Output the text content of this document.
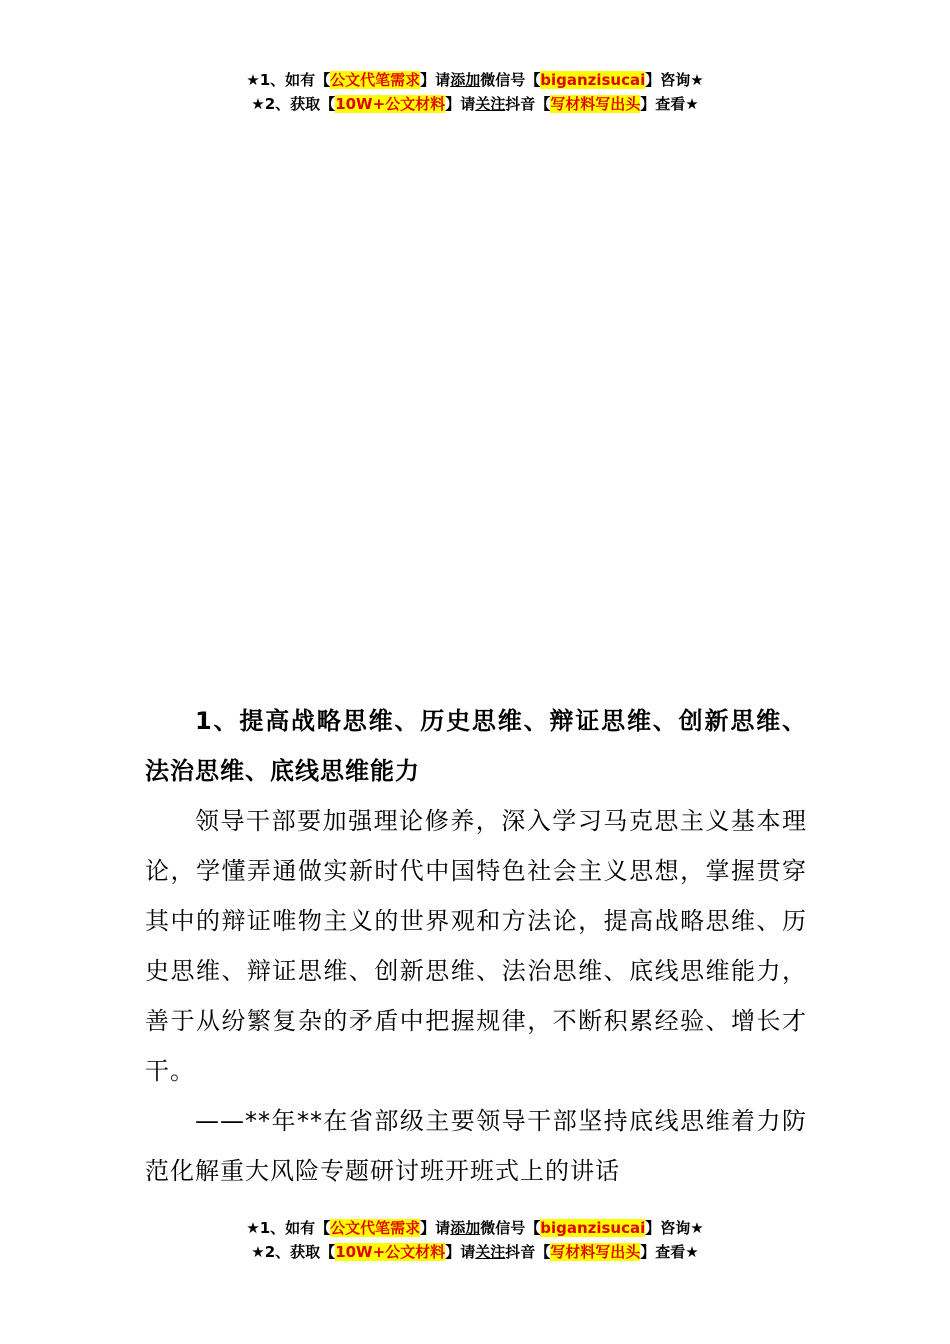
★1、如有【公文代笔需求】请添加微信号【biganzisucai】咨询★
★2、获取【10W+公文材料】请关注抖音【写材料写出头】查看★

1、提高战略思维、历史思维、辩证思维、创新思维、法治思维、底线思维能力

领导干部要加强理论修养，深入学习马克思主义基本理论，学懂弄通做实新时代中国特色社会主义思想，掌握贯穿其中的辩证唯物主义的世界观和方法论，提高战略思维、历史思维、辩证思维、创新思维、法治思维、底线思维能力，善于从纷繁复杂的矛盾中把握规律，不断积累经验、增长才干。

——**年**在省部级主要领导干部坚持底线思维着力防范化解重大风险专题研讨班开班式上的讲话

★1、如有【公文代笔需求】请添加微信号【biganzisucai】咨询★
★2、获取【10W+公文材料】请关注抖音【写材料写出头】查看★
